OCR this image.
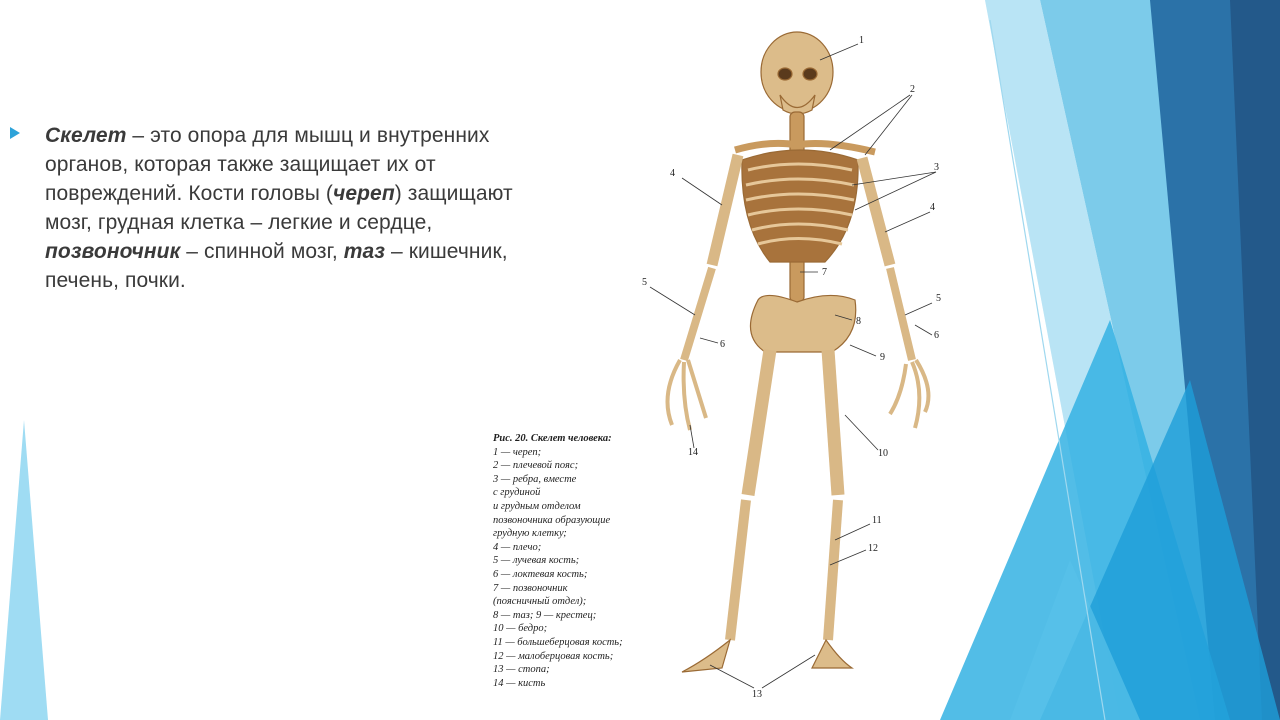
Скелет – это опора для мышц и внутренних органов, которая также защищает их от повреждений. Кости головы (череп) защищают мозг, грудная клетка – легкие и сердце, позвоночник – спинной мозг, таз – кишечник, печень, почки.

1
2
3
4
4
5
5
6
6
7
8
9
10
11
12
13
14
Рис. 20. Скелет человека:
1 — череп;
2 — плечевой пояс;
3 — ребра, вместе
с грудиной
и грудным отделом
позвоночника образующие
грудную клетку;
4 — плечо;
5 — лучевая кость;
6 — локтевая кость;
7 — позвоночник
(поясничный отдел);
8 — таз; 9 — крестец;
10 — бедро;
11 — большеберцовая кость;
12 — малоберцовая кость;
13 — стопа;
14 — кисть
